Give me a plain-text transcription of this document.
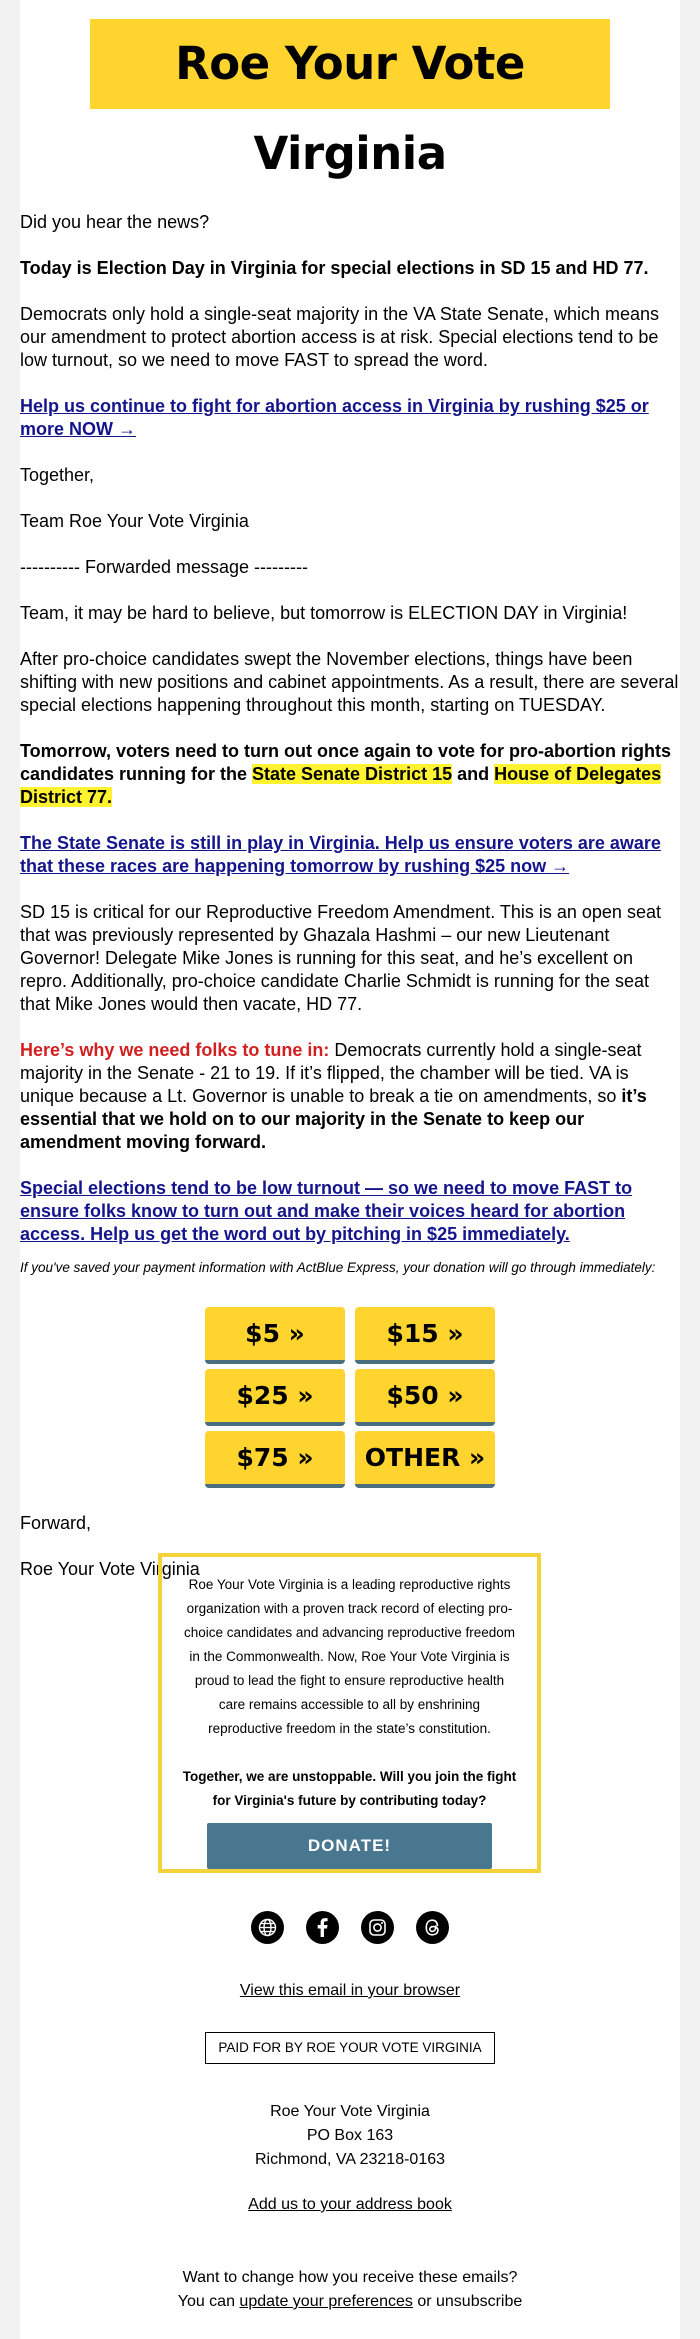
Roe Your Vote Virginia

Did you hear the news?

Today is Election Day in Virginia for special elections in SD 15 and HD 77.

Democrats only hold a single-seat majority in the VA State Senate, which means our amendment to protect abortion access is at risk. Special elections tend to be low turnout, so we need to move FAST to spread the word.

Help us continue to fight for abortion access in Virginia by rushing $25 or more NOW →

Together,

Team Roe Your Vote Virginia

---------- Forwarded message ---------

Team, it may be hard to believe, but tomorrow is ELECTION DAY in Virginia!

After pro-choice candidates swept the November elections, things have been shifting with new positions and cabinet appointments. As a result, there are several special elections happening throughout this month, starting on TUESDAY.

Tomorrow, voters need to turn out once again to vote for pro-abortion rights candidates running for the State Senate District 15 and House of Delegates District 77.

The State Senate is still in play in Virginia. Help us ensure voters are aware that these races are happening tomorrow by rushing $25 now →

SD 15 is critical for our Reproductive Freedom Amendment. This is an open seat that was previously represented by Ghazala Hashmi – our new Lieutenant Governor! Delegate Mike Jones is running for this seat, and he’s excellent on repro. Additionally, pro-choice candidate Charlie Schmidt is running for the seat that Mike Jones would then vacate, HD 77.

Here’s why we need folks to tune in: Democrats currently hold a single-seat majority in the Senate - 21 to 19. If it’s flipped, the chamber will be tied. VA is unique because a Lt. Governor is unable to break a tie on amendments, so it’s essential that we hold on to our majority in the Senate to keep our amendment moving forward.

Special elections tend to be low turnout — so we need to move FAST to ensure folks know to turn out and make their voices heard for abortion access. Help us get the word out by pitching in $25 immediately.

If you've saved your payment information with ActBlue Express, your donation will go through immediately:

$5 »	$15 »
$25 »	$50 »
$75 »	OTHER »

Forward,

Roe Your Vote Virginia

Roe Your Vote Virginia is a leading reproductive rights organization with a proven track record of electing pro-choice candidates and advancing reproductive freedom in the Commonwealth. Now, Roe Your Vote Virginia is proud to lead the fight to ensure reproductive health care remains accessible to all by enshrining reproductive freedom in the state’s constitution.

Together, we are unstoppable. Will you join the fight for Virginia's future by contributing today?

DONATE!

View this email in your browser
PAID FOR BY ROE YOUR VOTE VIRGINIA
Roe Your Vote Virginia
PO Box 163
Richmond, VA 23218-0163
Add us to your address book
Want to change how you receive these emails?
You can update your preferences or unsubscribe
